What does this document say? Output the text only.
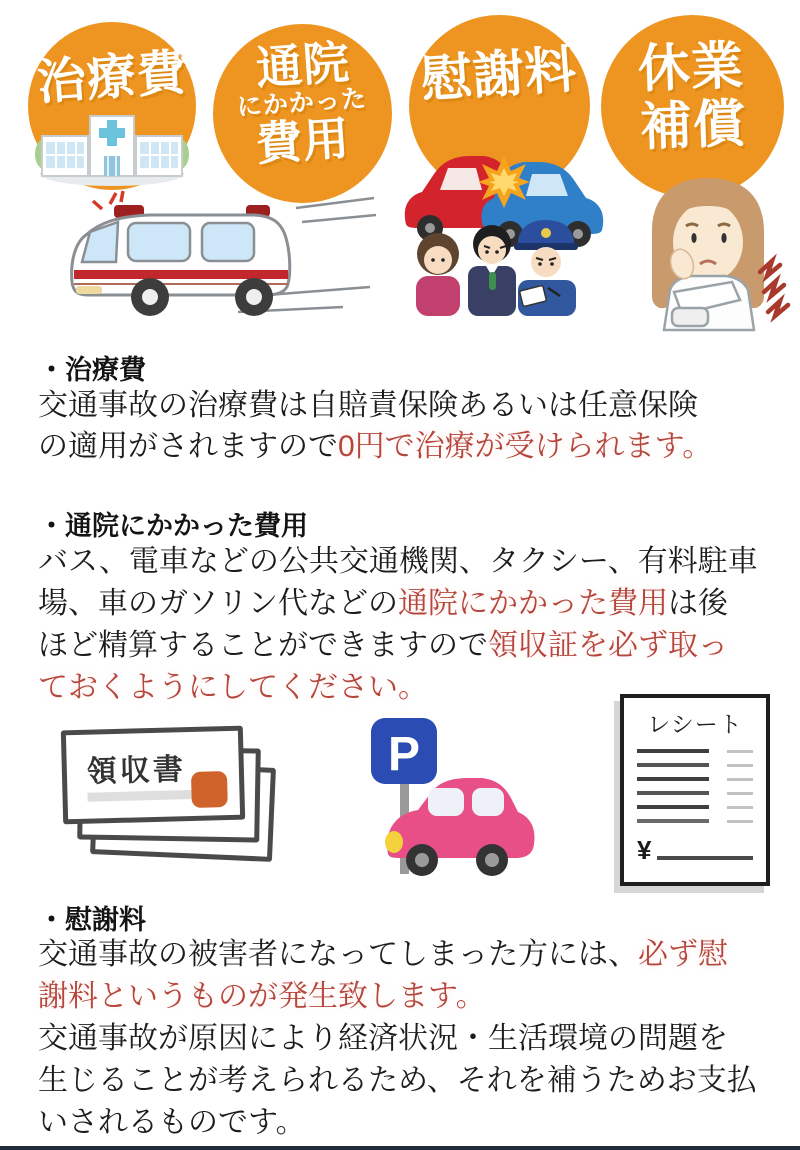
治療費 通院
にかかった
費用
慰謝料 休業
補償
・治療費
交通事故の治療費は自賠責保険あるいは任意保険
の適用がされますので0円で治療が受けられます。
・通院にかかった費用
バス、電車などの公共交通機関、タクシー、有料駐車
場、車のガソリン代などの通院にかかった費用は後
ほど精算することができますので領収証を必ず取っ
ておくようにしてください。
領収書	P
レシート
¥
・慰謝料
交通事故の被害者になってしまった方には、必ず慰
謝料というものが発生致します。
交通事故が原因により経済状況・生活環境の問題を
生じることが考えられるため、それを補うためお支払
いされるものです。
